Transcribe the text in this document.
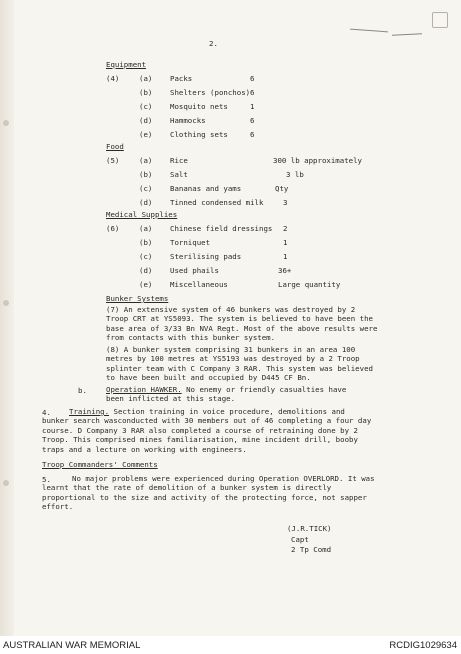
2.
Equipment
(4)	(a) Packs	6
(b) Shelters (ponchos) 6
(c) Mosquito nets	1
(d) Hammocks	6
(e) Clothing sets	6
Food
(5)	(a) Rice	300 lb approximately
(b) Salt	3 lb
(c) Bananas and yams	Qty
(d) Tinned condensed milk	3
Medical Supplies
(6)	(a) Chinese field dressings 2
(b) Torniquet	1
(c) Sterilising pads	1
(d) Used phails	36+
(e) Miscellaneous	Large quantity
Bunker Systems
(7) An extensive system of 46 bunkers was destroyed by 2 Troop CRT at YS5093. The system is believed to have been the base area of 3/33 Bn NVA Regt. Most of the above results were from contacts with this bunker system.
(8) A bunker system comprising 31 bunkers in an area 100 metres by 100 metres at YS5193 was destroyed by a 2 Troop splinter team with C Company 3 RAR. This system was believed to have been built and occupied by D445 CF Bn.
b.	Operation HAWKER. No enemy or friendly casualties have been inflicted at this stage.
4.	Training. Section training in voice procedure, demolitions and bunker search wasconducted with 30 members out of 46 completing a four day course. D Company 3 RAR also completed a course of retraining done by 2 Troop. This comprised mines familiarisation, mine incident drill, booby traps and a lecture on working with engineers.
Troop Commanders' Comments
5.	No major problems were experienced during Operation OVERLORD. It was learnt that the rate of demolition of a bunker system is directly proportional to the size and activity of the protecting force, not sapper effort.
(J.R.TICK)
Capt
2 Tp Comd
AUSTRALIAN WAR MEMORIAL	RCDIG1029634
